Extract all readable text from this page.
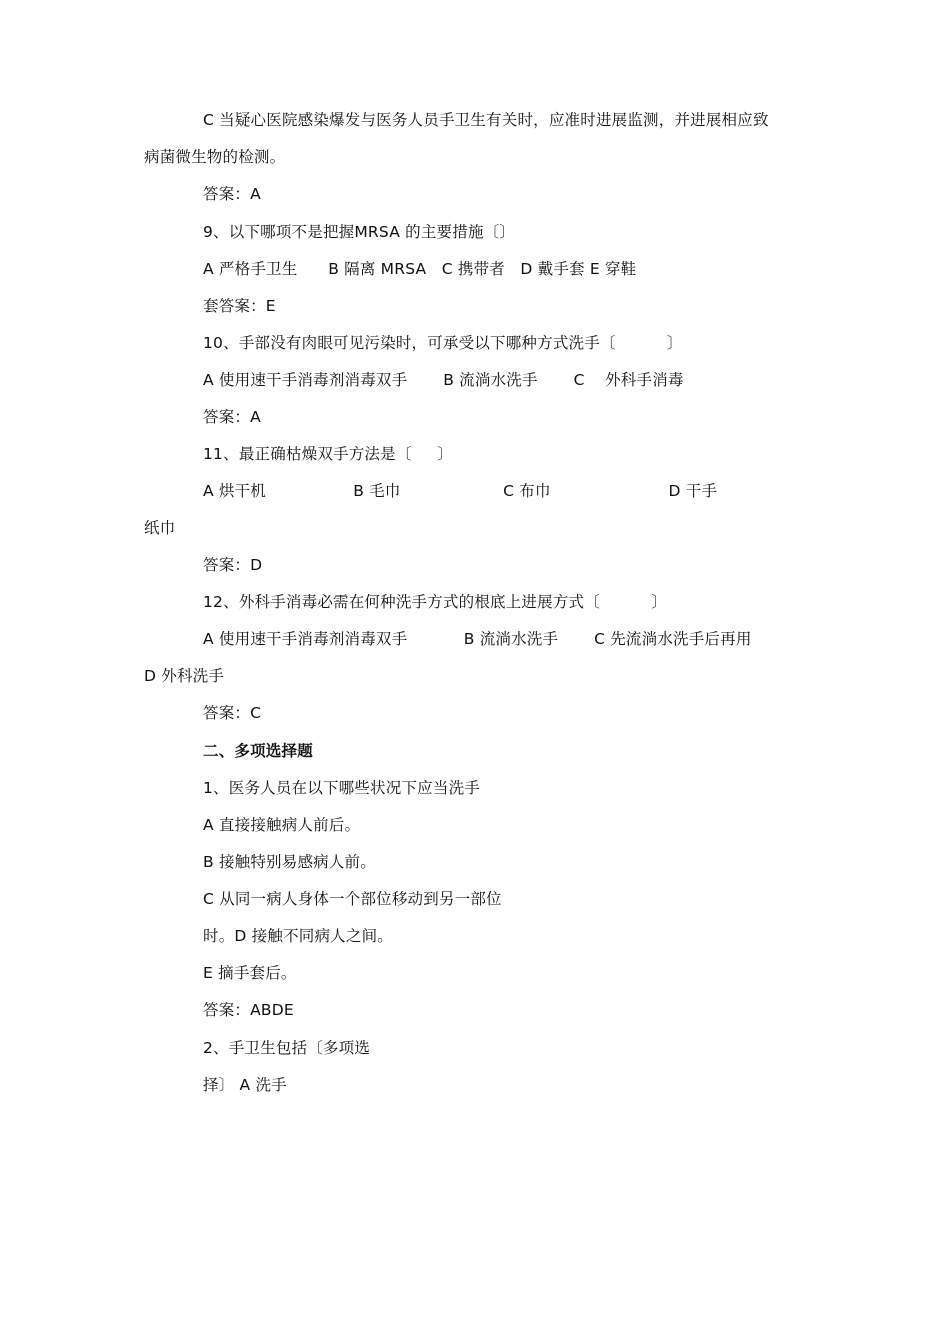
C 当疑心医院感染爆发与医务人员手卫生有关时，应准时进展监测，并进展相应致
病菌微生物的检测。
答案：A
9、以下哪项不是把握MRSA 的主要措施〔〕
A 严格手卫生      B 隔离 MRSA   C 携带者   D 戴手套 E 穿鞋
套答案：E
10、手部没有肉眼可见污染时，可承受以下哪种方式洗手〔          〕
A 使用速干手消毒剂消毒双手       B 流淌水洗手       C    外科手消毒
答案：A
11、最正确枯燥双手方法是〔     〕
A 烘干机                 B 毛巾                    C 布巾                       D 干手
纸巾
答案：D
12、外科手消毒必需在何种洗手方式的根底上进展方式〔          〕
A 使用速干手消毒剂消毒双手           B 流淌水洗手       C 先流淌水洗手后再用
D 外科洗手
答案：C
二、多项选择题
1、医务人员在以下哪些状况下应当洗手
A 直接接触病人前后。
B 接触特别易感病人前。
C 从同一病人身体一个部位移动到另一部位
时。D 接触不同病人之间。
E 摘手套后。
答案：ABDE
2、手卫生包括〔多项选
择〕 A 洗手
